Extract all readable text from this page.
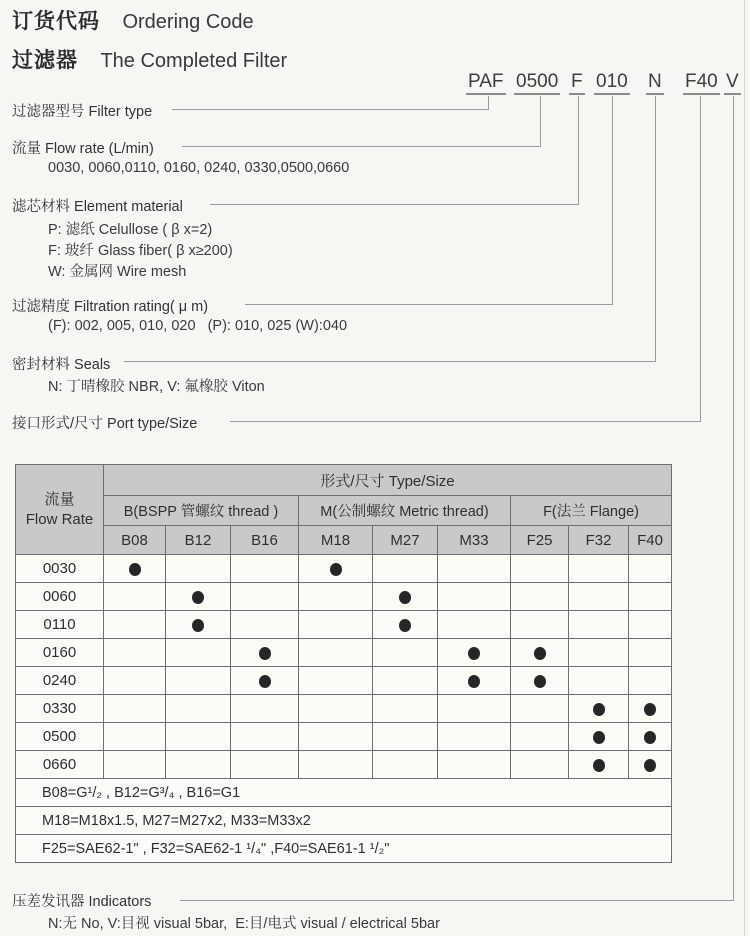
订货代码 Ordering Code
过滤器 The Completed Filter
PAF 0500 F 010 N F40 V
过滤器型号 Filter type
流量 Flow rate (L/min)
0030, 0060,0110, 0160, 0240, 0330,0500,0660
滤芯材料 Element material
P: 滤纸 Celullose ( β x=2)
F: 玻纤 Glass fiber( β x≥200)
W: 金属网 Wire mesh
过滤精度 Filtration rating( μ m)
(F): 002, 005, 010, 020   (P): 010, 025 (W):040
密封材料 Seals
N: 丁晴橡胶 NBR, V: 氟橡胶 Viton
接口形式/尺寸 Port type/Size
压差发讯器 Indicators
N:无 No, V:目视 visual 5bar,  E:目/电式 visual / electrical 5bar
流量
Flow Rate	形式/尺寸 Type/Size								
	B(BSPP 管螺纹 thread )			M(公制螺纹 Metric thread)			F(法兰 Flange)		
	B08	B12	B16	M18	M27	M33	F25	F32	F40
0030									
0060									
0110									
0160									
0240									
0330									
0500									
0660									
B08=G¹/₂ , B12=G³/₄ , B16=G1									
M18=M18x1.5, M27=M27x2, M33=M33x2									
F25=SAE62-1" , F32=SAE62-1 ¹/₄" ,F40=SAE61-1 ¹/₂"									
